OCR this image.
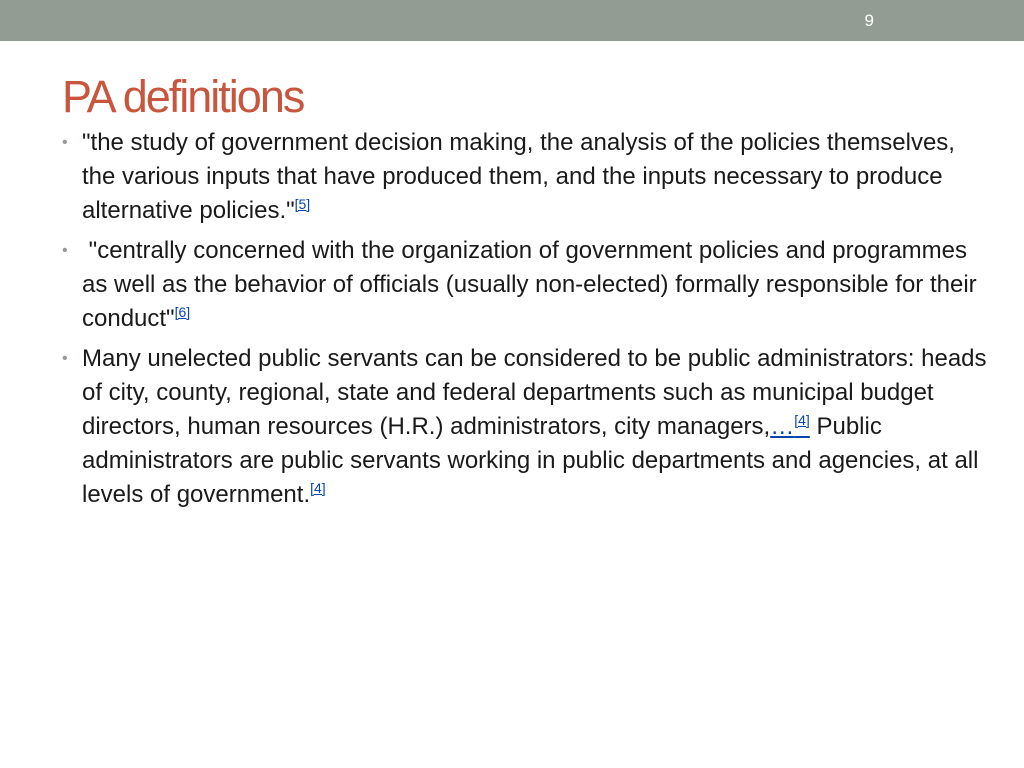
9
PA definitions
• "the study of government decision making, the analysis of the policies themselves, the various inputs that have produced them, and the inputs necessary to produce alternative policies."[5]
• "centrally concerned with the organization of government policies and programmes as well as the behavior of officials (usually non-elected) formally responsible for their conduct"[6]
• Many unelected public servants can be considered to be public administrators: heads of city, county, regional, state and federal departments such as municipal budget directors, human resources (H.R.) administrators, city managers,…[4] Public administrators are public servants working in public departments and agencies, at all levels of government.[4]
